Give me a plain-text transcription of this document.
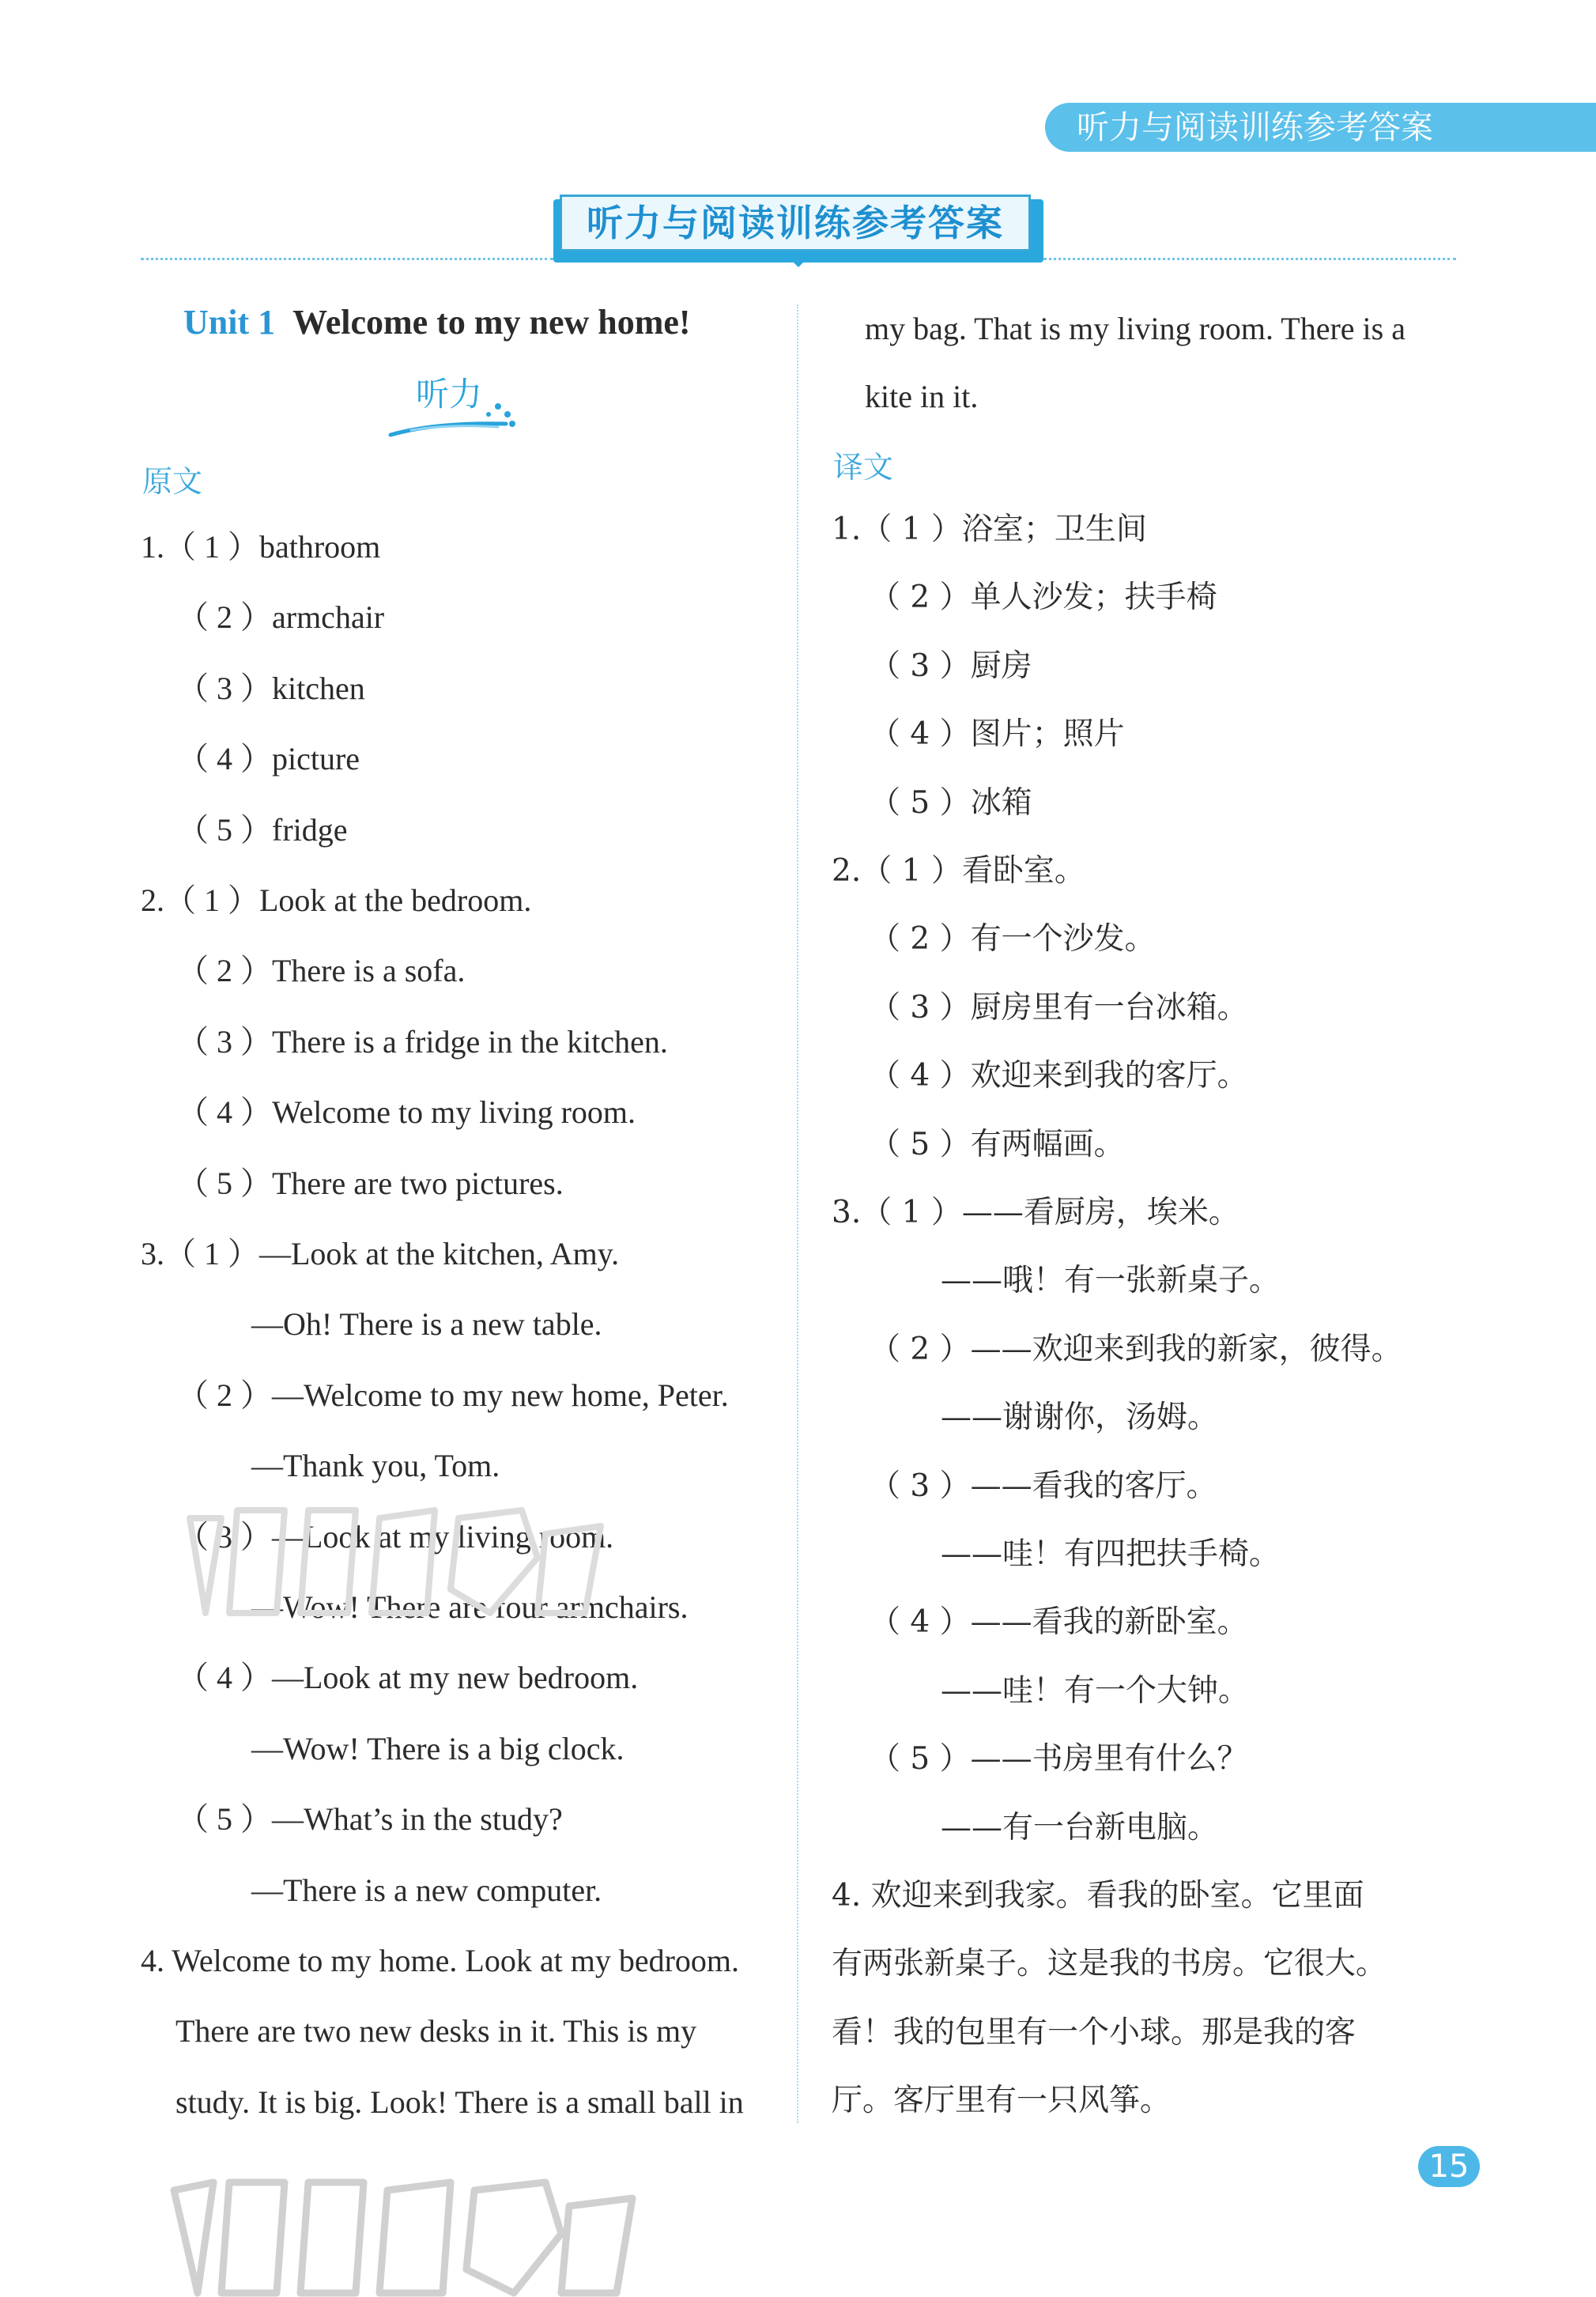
听力与阅读训练参考答案
听力与阅读训练参考答案
Unit 1 Welcome to my new home!
听力
原文	译文
1.（ 1 ）bathroom
（ 2 ）armchair
（ 3 ）kitchen
（ 4 ）picture
（ 5 ）fridge
2.（ 1 ）Look at the bedroom.
（ 2 ）There is a sofa.
（ 3 ）There is a fridge in the kitchen.
（ 4 ）Welcome to my living room.
（ 5 ）There are two pictures.
3.（ 1 ）—Look at the kitchen, Amy.
—Oh! There is a new table.
（ 2 ）—Welcome to my new home, Peter.
—Thank you, Tom.
（ 3 ）—Look at my living room.
—Wow! There are four armchairs.
（ 4 ）—Look at my new bedroom.
—Wow! There is a big clock.
（ 5 ）—What’s in the study?
—There is a new computer.
4. Welcome to my home. Look at my bedroom.
There are two new desks in it. This is my
study. It is big. Look! There is a small ball in
my bag. That is my living room. There is a
kite in it.
1.（ 1 ）浴室；卫生间
（ 2 ）单人沙发；扶手椅
（ 3 ）厨房
（ 4 ）图片；照片
（ 5 ）冰箱
2.（ 1 ）看卧室。
（ 2 ）有一个沙发。
（ 3 ）厨房里有一台冰箱。
（ 4 ）欢迎来到我的客厅。
（ 5 ）有两幅画。
3.（ 1 ）——看厨房，埃米。
——哦！有一张新桌子。
（ 2 ）——欢迎来到我的新家，彼得。
——谢谢你，汤姆。
（ 3 ）——看我的客厅。
——哇！有四把扶手椅。
（ 4 ）——看我的新卧室。
——哇！有一个大钟。
（ 5 ）——书房里有什么？
——有一台新电脑。
4. 欢迎来到我家。看我的卧室。它里面
有两张新桌子。这是我的书房。它很大。
看！我的包里有一个小球。那是我的客
厅。客厅里有一只风筝。
15
